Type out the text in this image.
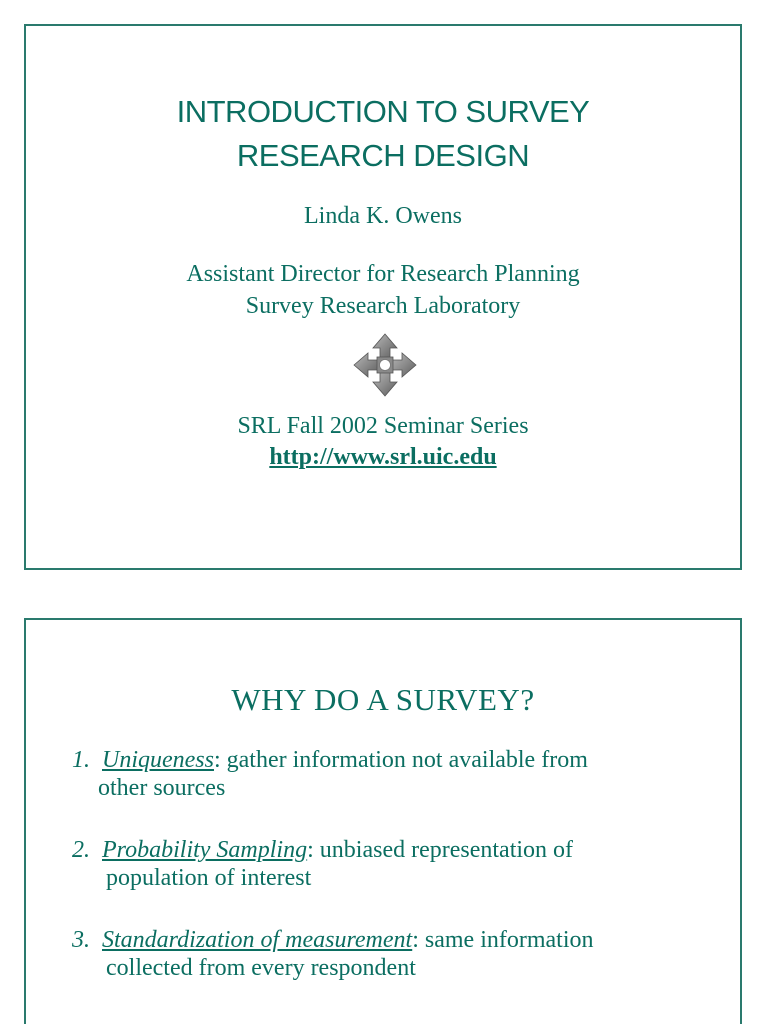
INTRODUCTION TO SURVEY
RESEARCH DESIGN
Linda K. Owens
Assistant Director for Research Planning
Survey Research Laboratory
SRL Fall 2002 Seminar Series
http://www.srl.uic.edu
WHY DO A SURVEY?
1. Uniqueness: gather information not available from
other sources
2. Probability Sampling: unbiased representation of
population of interest
3. Standardization of measurement: same information
collected from every respondent
